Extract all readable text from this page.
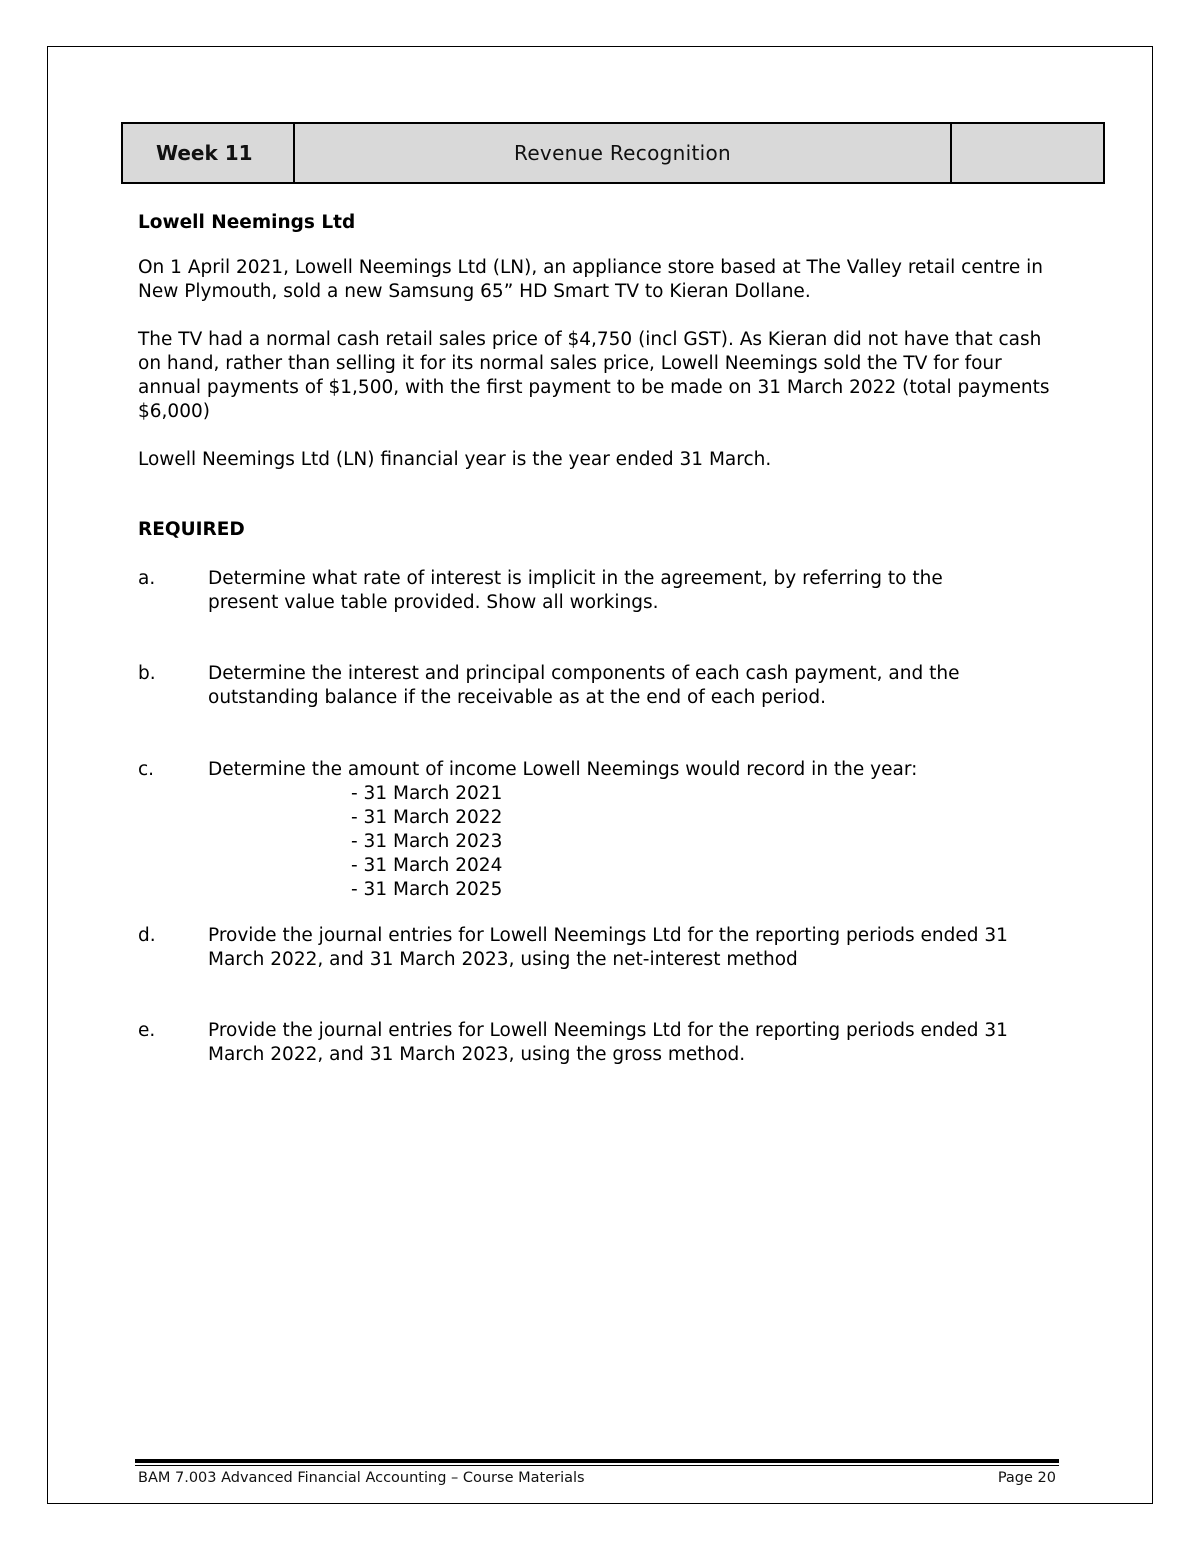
Week 11	Revenue Recognition

Lowell Neemings Ltd

On 1 April 2021, Lowell Neemings Ltd (LN), an appliance store based at The Valley retail centre in New Plymouth, sold a new Samsung 65” HD Smart TV to Kieran Dollane.

The TV had a normal cash retail sales price of $4,750 (incl GST). As Kieran did not have that cash on hand, rather than selling it for its normal sales price, Lowell Neemings sold the TV for four annual payments of $1,500, with the first payment to be made on 31 March 2022 (total payments $6,000)

Lowell Neemings Ltd (LN) financial year is the year ended 31 March.

REQUIRED

a.	Determine what rate of interest is implicit in the agreement, by referring to the present value table provided. Show all workings.
b.	Determine the interest and principal components of each cash payment, and the outstanding balance if the receivable as at the end of each period.
c.	Determine the amount of income Lowell Neemings would record in the year:
- 31 March 2021
- 31 March 2022
- 31 March 2023
- 31 March 2024
- 31 March 2025
d.	Provide the journal entries for Lowell Neemings Ltd for the reporting periods ended 31 March 2022, and 31 March 2023, using the net-interest method
e.	Provide the journal entries for Lowell Neemings Ltd for the reporting periods ended 31 March 2022, and 31 March 2023, using the gross method.
BAM 7.003 Advanced Financial Accounting – Course Materials	Page 20
